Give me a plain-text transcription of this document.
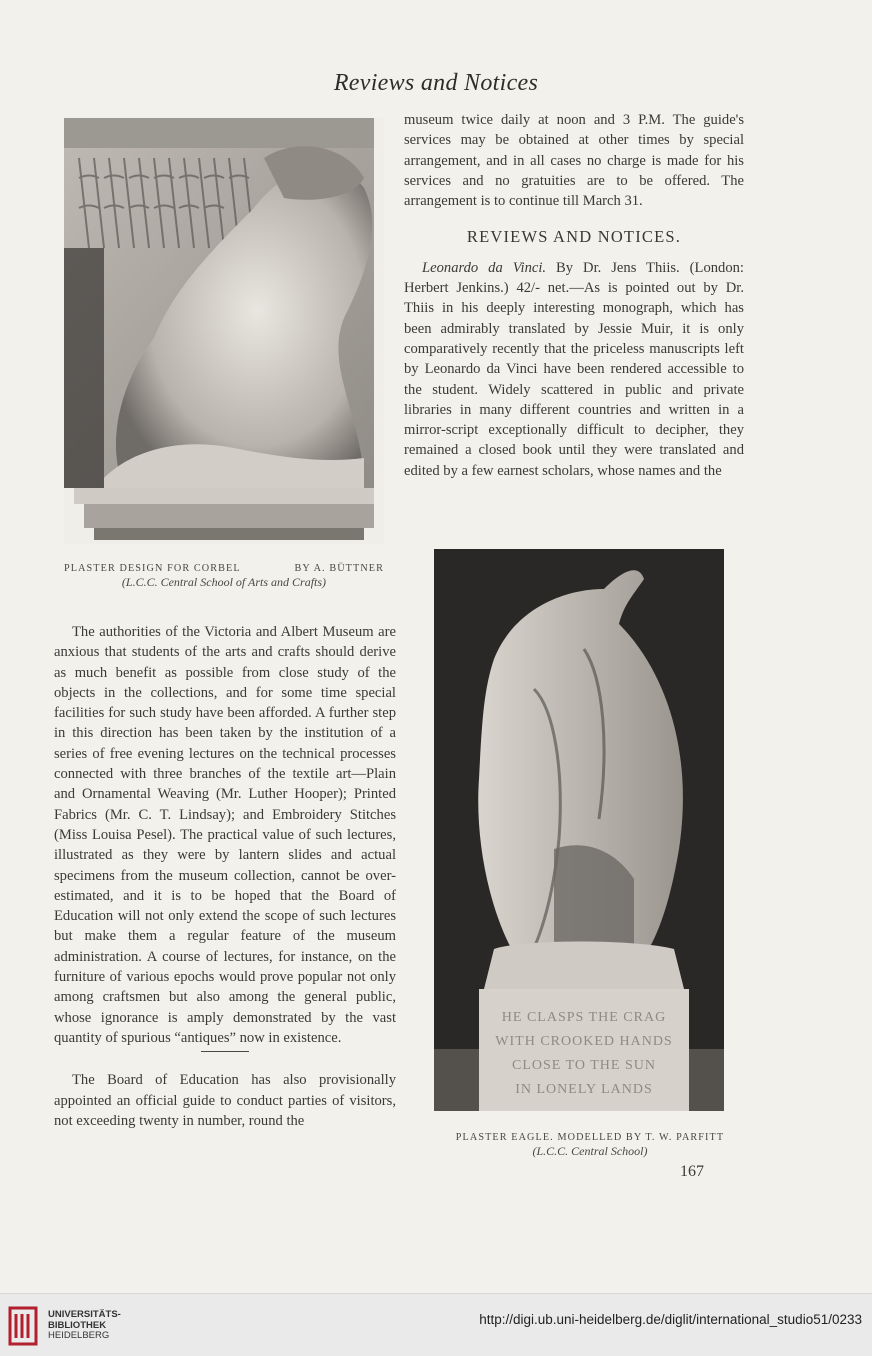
Reviews and Notices
PLASTER DESIGN FOR CORBEL	BY A. BÜTTNER
(L.C.C. Central School of Arts and Crafts)

museum twice daily at noon and 3 P.M. The guide's services may be obtained at other times by special arrangement, and in all cases no charge is made for his services and no gratuities are to be offered. The arrangement is to continue till March 31.

REVIEWS AND NOTICES.

Leonardo da Vinci. By Dr. Jens Thiis. (London: Herbert Jenkins.) 42/- net.—As is pointed out by Dr. Thiis in his deeply interesting monograph, which has been admirably translated by Jessie Muir, it is only comparatively recently that the priceless manuscripts left by Leonardo da Vinci have been rendered accessible to the student. Widely scattered in public and private libraries in many different countries and written in a mirror-script exceptionally difficult to decipher, they remained a closed book until they were translated and edited by a few earnest scholars, whose names and the

The authorities of the Victoria and Albert Museum are anxious that students of the arts and crafts should derive as much benefit as possible from close study of the objects in the collections, and for some time special facilities for such study have been afforded. A further step in this direction has been taken by the institution of a series of free evening lectures on the technical processes connected with three branches of the textile art—Plain and Ornamental Weaving (Mr. Luther Hooper); Printed Fabrics (Mr. C. T. Lindsay); and Embroidery Stitches (Miss Louisa Pesel). The practical value of such lectures, illustrated as they were by lantern slides and actual specimens from the museum collection, cannot be over-estimated, and it is to be hoped that the Board of Education will not only extend the scope of such lectures but make them a regular feature of the museum administration. A course of lectures, for instance, on the furniture of various epochs would prove popular not only among craftsmen but also among the general public, whose ignorance is amply demonstrated by the vast quantity of spurious “antiques” now in existence.

The Board of Education has also provisionally appointed an official guide to conduct parties of visitors, not exceeding twenty in number, round the

HE CLASPS THE CRAG
WITH CROOKED HANDS
CLOSE TO THE SUN
IN LONELY LANDS
PLASTER EAGLE. MODELLED BY T. W. PARFITT
(L.C.C. Central School)
167
UNIVERSITÄTS-
BIBLIOTHEK
HEIDELBERG
http://digi.ub.uni-heidelberg.de/diglit/international_studio51/0233
